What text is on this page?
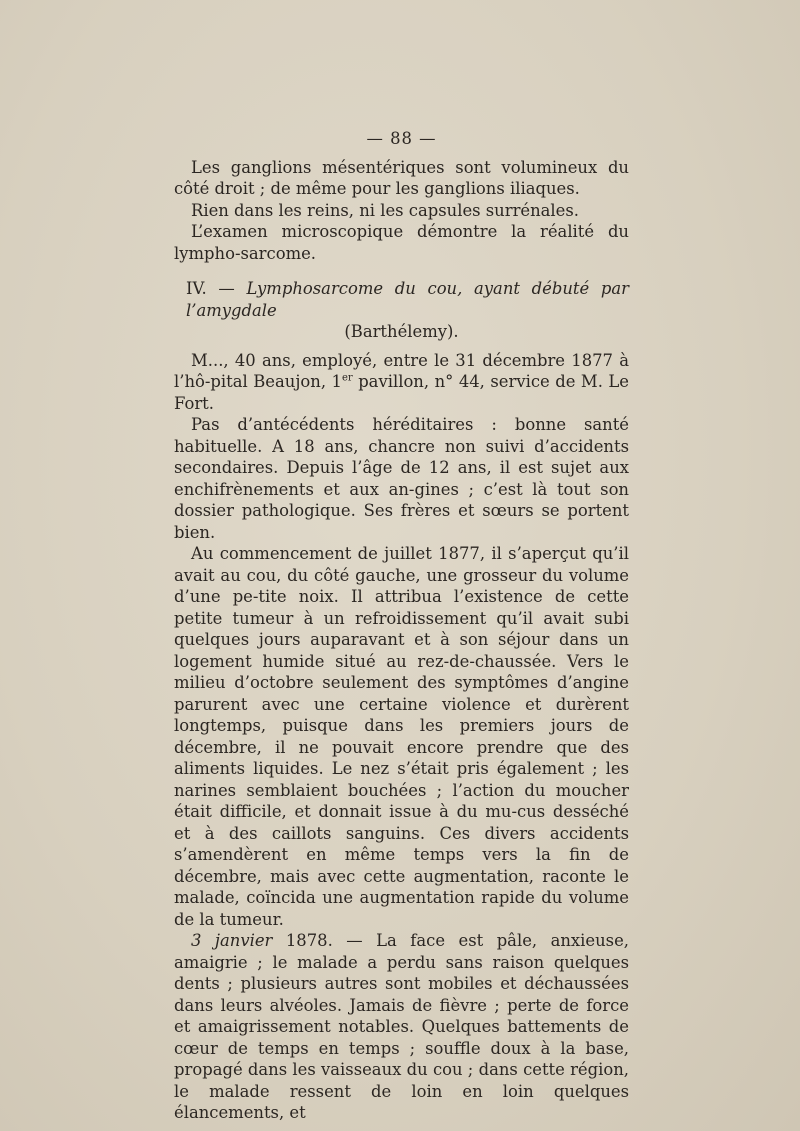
— 88 —

Les ganglions mésentériques sont volumineux du côté droit ; de même pour les ganglions iliaques.

Rien dans les reins, ni les capsules surrénales.

L’examen microscopique démontre la réalité du lympho-sarcome.

IV. — Lymphosarcome du cou, ayant débuté par l’amygdale
(Barthélemy).

M..., 40 ans, employé, entre le 31 décembre 1877 à l’hô-pital Beaujon, 1er pavillon, n° 44, service de M. Le Fort.

Pas d’antécédents héréditaires : bonne santé habituelle. A 18 ans, chancre non suivi d’accidents secondaires. Depuis l’âge de 12 ans, il est sujet aux enchifrènements et aux an-gines ; c’est là tout son dossier pathologique. Ses frères et sœurs se portent bien.

Au commencement de juillet 1877, il s’aperçut qu’il avait au cou, du côté gauche, une grosseur du volume d’une pe-tite noix. Il attribua l’existence de cette petite tumeur à un refroidissement qu’il avait subi quelques jours auparavant et à son séjour dans un logement humide situé au rez-de-chaussée. Vers le milieu d’octobre seulement des symptômes d’angine parurent avec une certaine violence et durèrent longtemps, puisque dans les premiers jours de décembre, il ne pouvait encore prendre que des aliments liquides. Le nez s’était pris également ; les narines semblaient bouchées ; l’action du moucher était difficile, et donnait issue à du mu-cus desséché et à des caillots sanguins. Ces divers accidents s’amendèrent en même temps vers la fin de décembre, mais avec cette augmentation, raconte le malade, coïncida une augmentation rapide du volume de la tumeur.

3 janvier 1878. — La face est pâle, anxieuse, amaigrie ; le malade a perdu sans raison quelques dents ; plusieurs autres sont mobiles et déchaussées dans leurs alvéoles. Jamais de fièvre ; perte de force et amaigrissement notables. Quelques battements de cœur de temps en temps ; souffle doux à la base, propagé dans les vaisseaux du cou ; dans cette région, le malade ressent de loin en loin quelques élancements, et
